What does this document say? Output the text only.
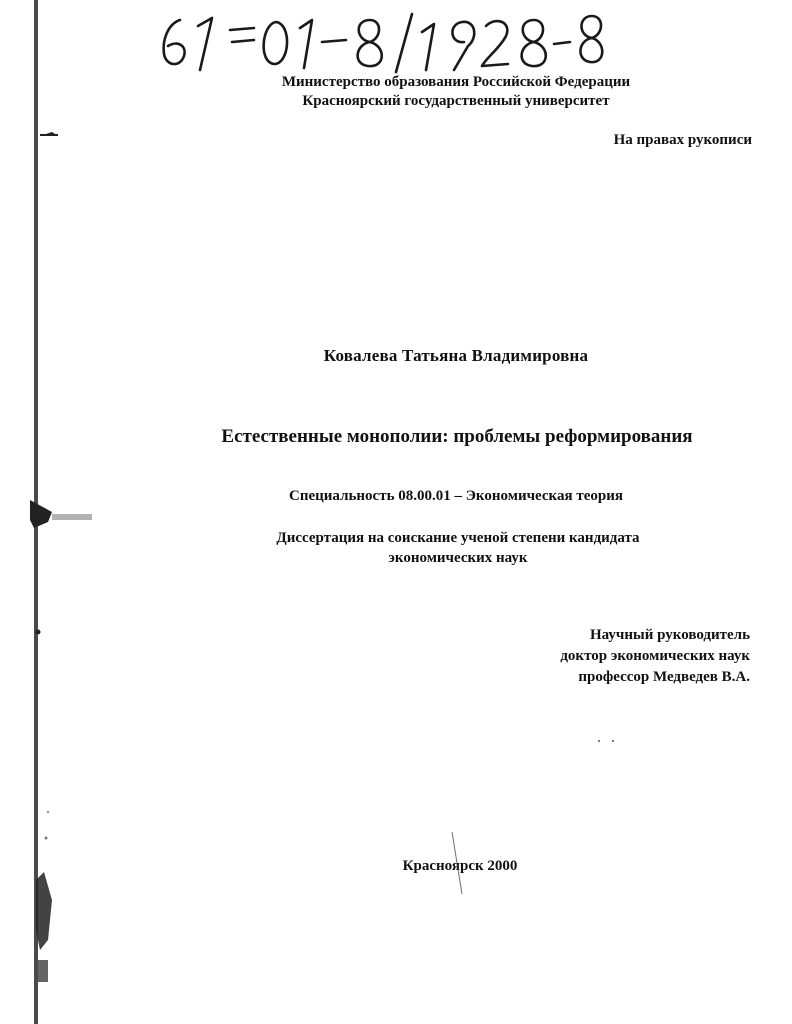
Министерство образования Российской Федерации
Красноярский государственный университет
На правах рукописи
Ковалева Татьяна Владимировна
Естественные монополии: проблемы реформирования
Специальность 08.00.01 – Экономическая теория
Диссертация на соискание ученой степени кандидата
экономических наук
Научный руководитель
доктор экономических наук
профессор Медведев В.А.
Красноярск 2000
